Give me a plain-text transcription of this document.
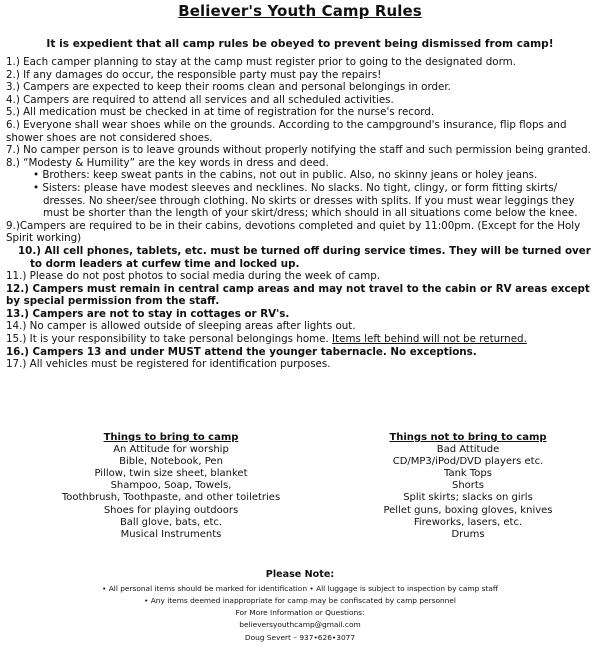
Believer's Youth Camp Rules
It is expedient that all camp rules be obeyed to prevent being dismissed from camp!

1.) Each camper planning to stay at the camp must register prior to going to the designated dorm.

2.) If any damages do occur, the responsible party must pay the repairs!

3.) Campers are expected to keep their rooms clean and personal belongings in order.

4.) Campers are required to attend all services and all scheduled activities.

5.) All medication must be checked in at time of registration for the nurse's record.

6.) Everyone shall wear shoes while on the grounds. According to the campground's insurance, flip flops and shower shoes are not considered shoes.

7.) No camper person is to leave grounds without properly notifying the staff and such permission being granted.

8.) “Modesty & Humility” are the key words in dress and deed.

• Brothers: keep sweat pants in the cabins, not out in public. Also, no skinny jeans or holey jeans.

• Sisters: please have modest sleeves and necklines. No slacks. No tight, clingy, or form fitting skirts/ dresses. No sheer/see through clothing. No skirts or dresses with splits. If you must wear leggings they must be shorter than the length of your skirt/dress; which should in all situations come below the knee.

9.)Campers are required to be in their cabins, devotions completed and quiet by 11:00pm. (Except for the Holy Spirit working)

10.) All cell phones, tablets, etc. must be turned off during service times. They will be turned over to dorm leaders at curfew time and locked up.

11.) Please do not post photos to social media during the week of camp.

12.) Campers must remain in central camp areas and may not travel to the cabin or RV areas except by special permission from the staff.

13.) Campers are not to stay in cottages or RV's.

14.) No camper is allowed outside of sleeping areas after lights out.

15.) It is your responsibility to take personal belongings home. Items left behind will not be returned.

16.) Campers 13 and under MUST attend the younger tabernacle. No exceptions.

17.) All vehicles must be registered for identification purposes.

Things to bring to camp
An Attitude for worship
Bible, Notebook, Pen
Pillow, twin size sheet, blanket
Shampoo, Soap, Towels,
Toothbrush, Toothpaste, and other toiletries
Shoes for playing outdoors
Ball glove, bats, etc.
Musical Instruments
Things not to bring to camp
Bad Attitude
CD/MP3/iPod/DVD players etc.
Tank Tops
Shorts
Split skirts; slacks on girls
Pellet guns, boxing gloves, knives
Fireworks, lasers, etc.
Drums
Please Note:
• All personal items should be marked for identification • All luggage is subject to inspection by camp staff
• Any items deemed inappropriate for camp may be confiscated by camp personnel
For More Information or Questions:
believersyouthcamp@gmail.com
Doug Severt – 937•626•3077
